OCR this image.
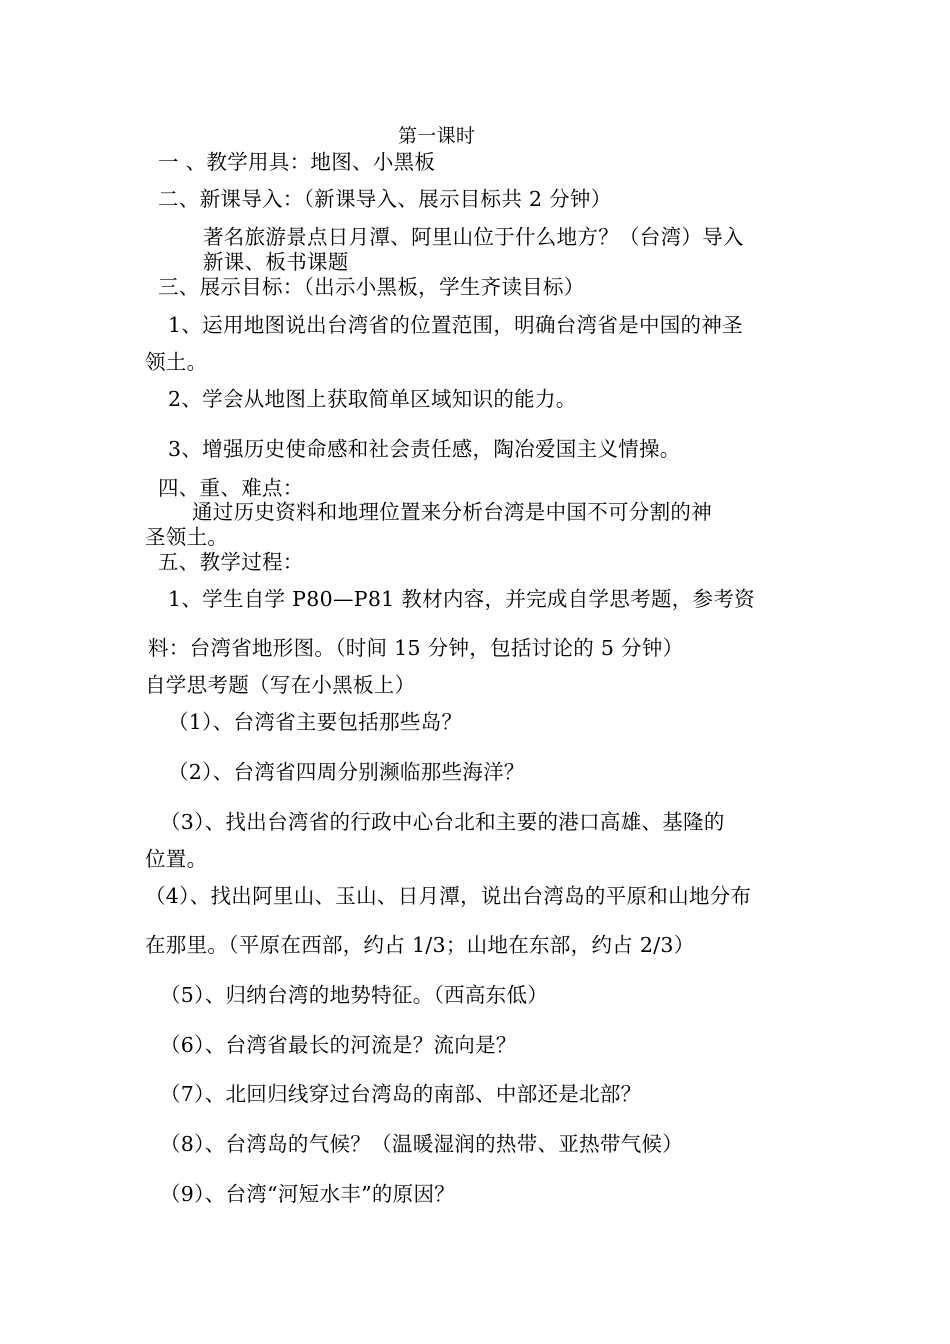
第一课时
一 、教学用具：地图、小黑板
二、新课导入：（新课导入、展示目标共 2 分钟）
著名旅游景点日月潭、阿里山位于什么地方？（台湾）导入
新课、板书课题
三、展示目标：（出示小黑板，学生齐读目标）
1、运用地图说出台湾省的位置范围，明确台湾省是中国的神圣
领土。
2、学会从地图上获取简单区域知识的能力。
3、增强历史使命感和社会责任感，陶冶爱国主义情操。
四、重、难点：
通过历史资料和地理位置来分析台湾是中国不可分割的神
圣领土。
五、教学过程：
1、学生自学 P80—P81 教材内容，并完成自学思考题，参考资
料：台湾省地形图。（时间 15 分钟，包括讨论的 5 分钟）
自学思考题（写在小黑板上）
（1）、台湾省主要包括那些岛？
（2）、台湾省四周分别濒临那些海洋？
（3）、找出台湾省的行政中心台北和主要的港口高雄、基隆的
位置。
（4）、找出阿里山、玉山、日月潭，说出台湾岛的平原和山地分布
在那里。（平原在西部，约占 1/3；山地在东部，约占 2/3）
（5）、归纳台湾的地势特征。（西高东低）
（6）、台湾省最长的河流是？流向是？
（7）、北回归线穿过台湾岛的南部、中部还是北部？
（8）、台湾岛的气候？（温暖湿润的热带、亚热带气候）
（9）、台湾“河短水丰”的原因？
